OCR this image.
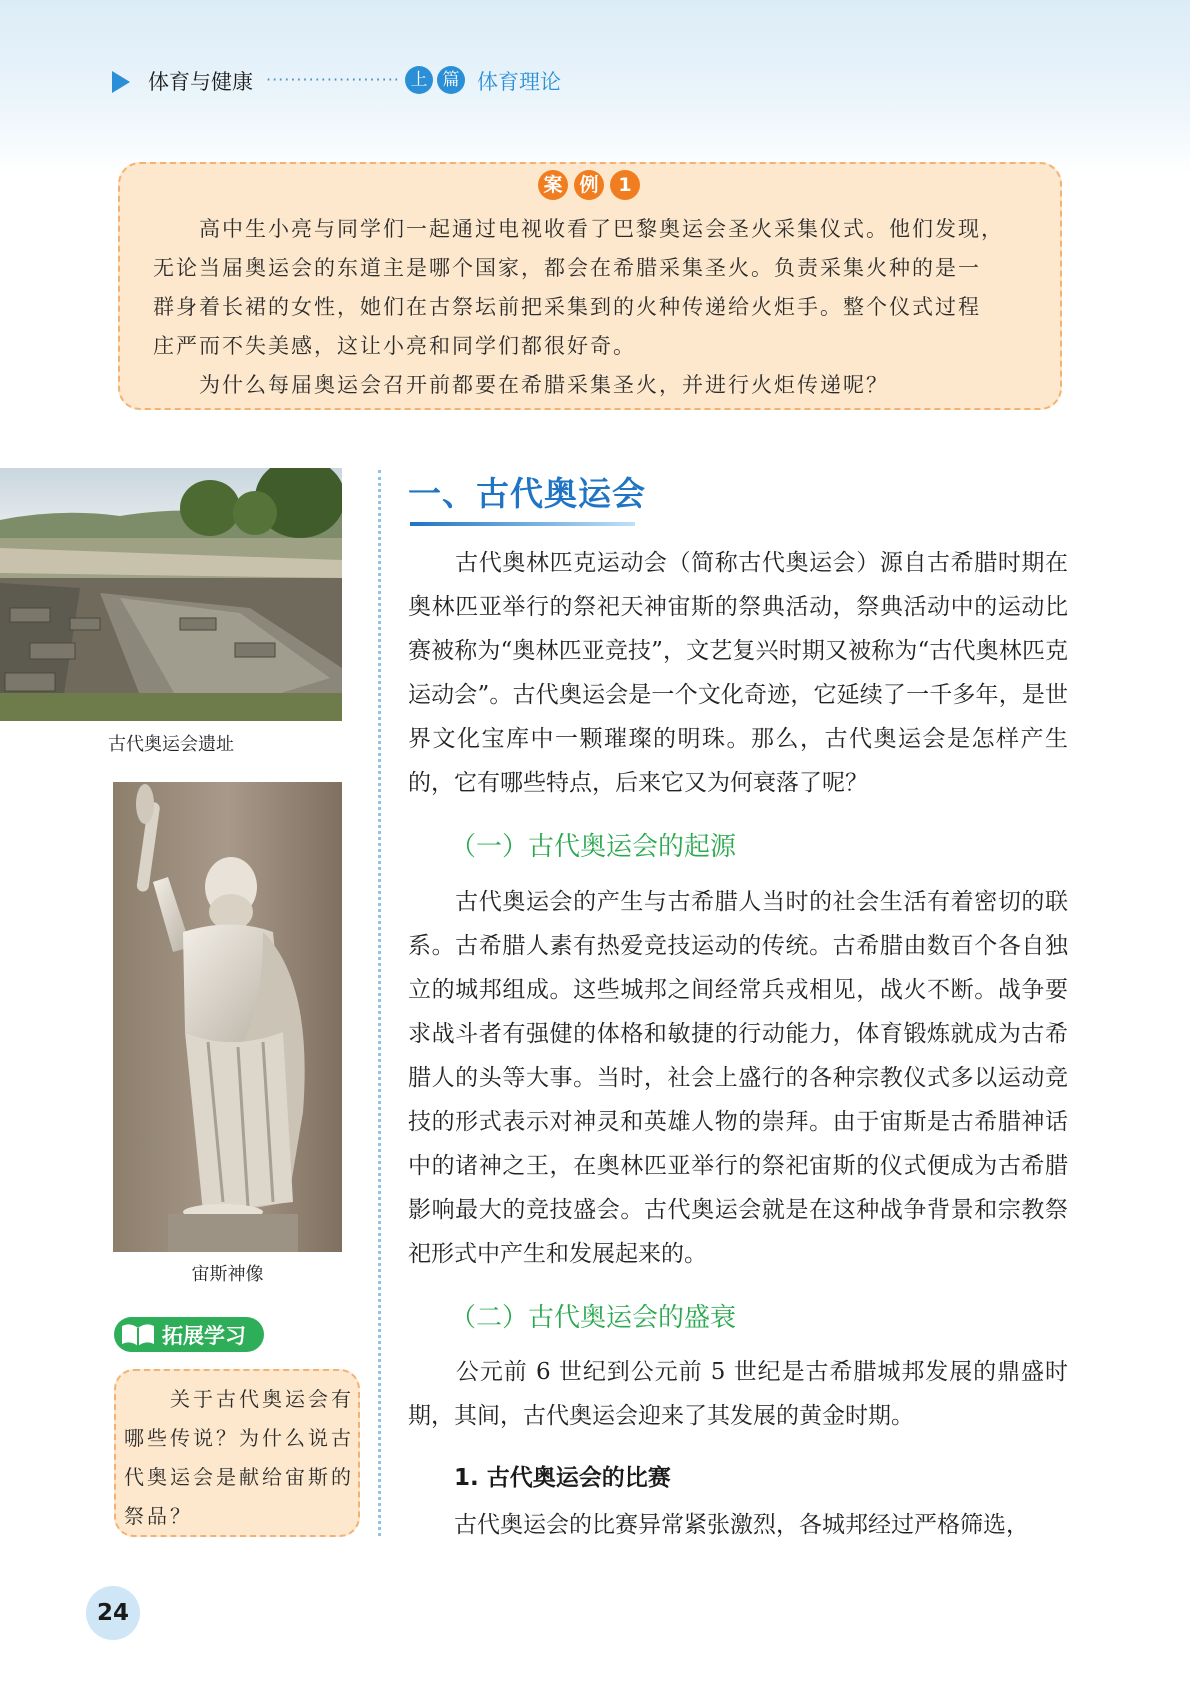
体育与健康 ······················ 上 篇 体育理论
案 例	1

　　高中生小亮与同学们一起通过电视收看了巴黎奥运会圣火采集仪式。他们发现，

无论当届奥运会的东道主是哪个国家，都会在希腊采集圣火。负责采集火种的是一

群身着长裙的女性，她们在古祭坛前把采集到的火种传递给火炬手。整个仪式过程

庄严而不失美感，这让小亮和同学们都很好奇。

　　为什么每届奥运会召开前都要在希腊采集圣火，并进行火炬传递呢？

古代奥运会遗址
宙斯神像
拓展学习

　　关于古代奥运会有哪些传说？为什么说古代奥运会是献给宙斯的祭品？

一、古代奥运会

　　古代奥林匹克运动会（简称古代奥运会）源自古希腊时期在奥林匹亚举行的祭祀天神宙斯的祭典活动，祭典活动中的运动比赛被称为“奥林匹亚竞技”，文艺复兴时期又被称为“古代奥林匹克运动会”。古代奥运会是一个文化奇迹，它延续了一千多年，是世界文化宝库中一颗璀璨的明珠。那么，古代奥运会是怎样产生的，它有哪些特点，后来它又为何衰落了呢？

（一）古代奥运会的起源

　　古代奥运会的产生与古希腊人当时的社会生活有着密切的联系。古希腊人素有热爱竞技运动的传统。古希腊由数百个各自独立的城邦组成。这些城邦之间经常兵戎相见，战火不断。战争要求战斗者有强健的体格和敏捷的行动能力，体育锻炼就成为古希腊人的头等大事。当时，社会上盛行的各种宗教仪式多以运动竞技的形式表示对神灵和英雄人物的崇拜。由于宙斯是古希腊神话中的诸神之王，在奥林匹亚举行的祭祀宙斯的仪式便成为古希腊影响最大的竞技盛会。古代奥运会就是在这种战争背景和宗教祭祀形式中产生和发展起来的。

（二）古代奥运会的盛衰

　　公元前 6 世纪到公元前 5 世纪是古希腊城邦发展的鼎盛时期，其间，古代奥运会迎来了其发展的黄金时期。

1. 古代奥运会的比赛

　　古代奥运会的比赛异常紧张激烈，各城邦经过严格筛选，

24
